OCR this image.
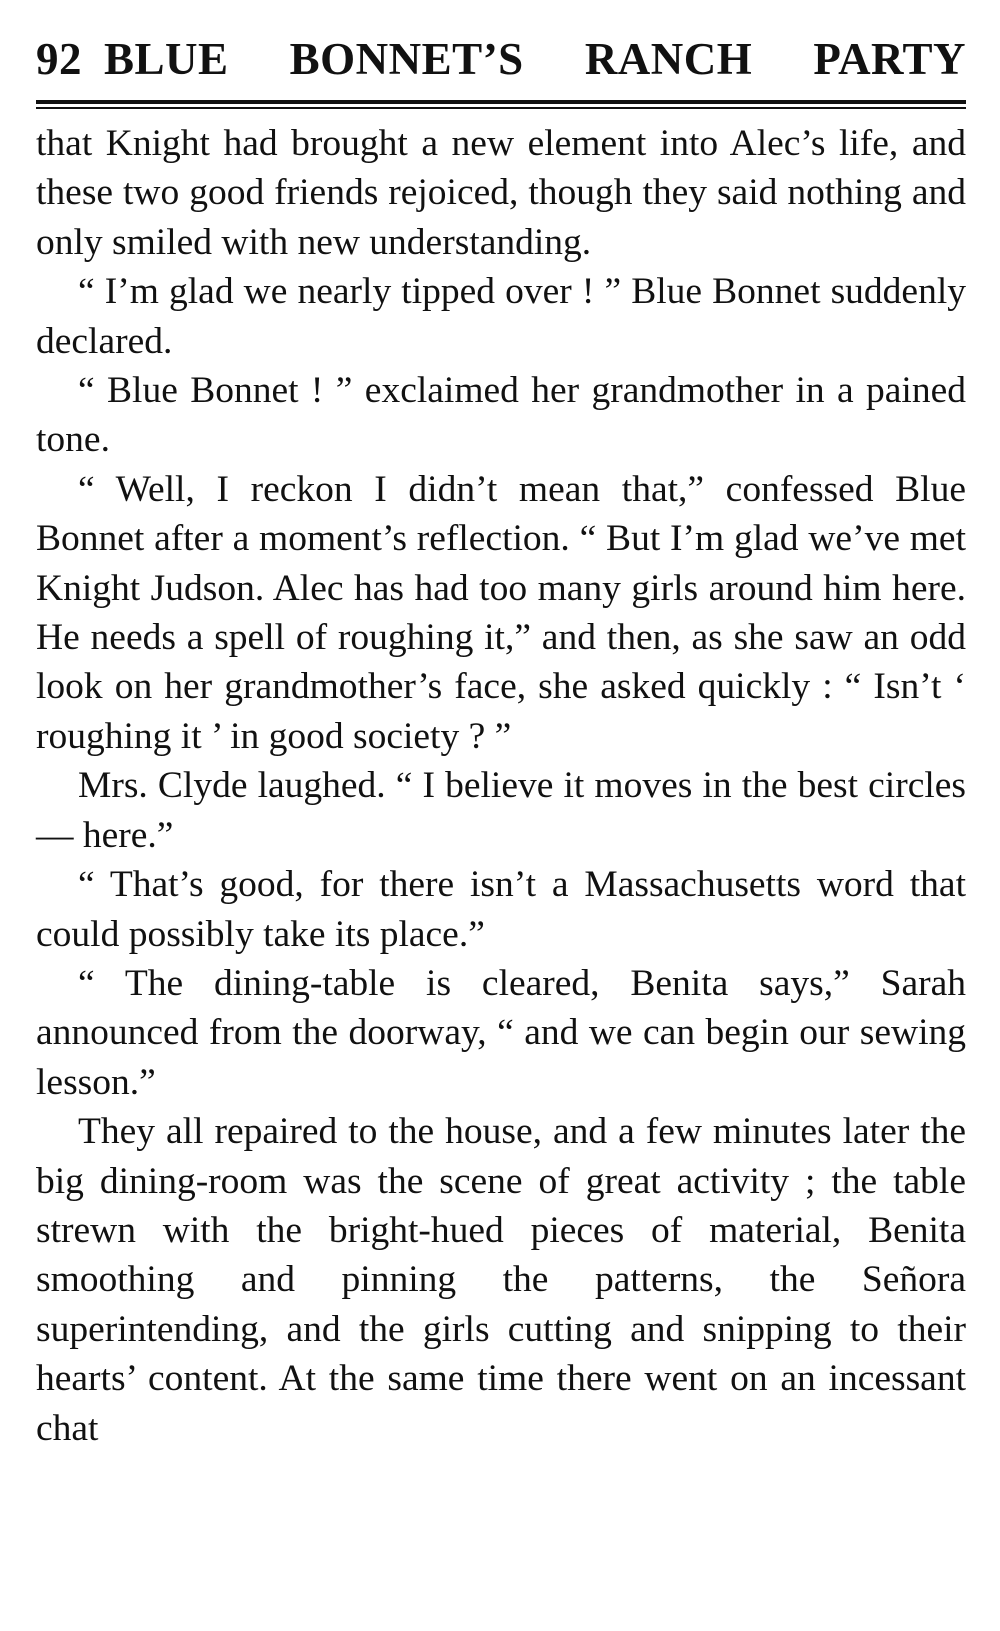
92 BLUE BONNET’S RANCH PARTY

that Knight had brought a new element into Alec’s life, and these two good friends rejoiced, though they said nothing and only smiled with new understanding.

“ I’m glad we nearly tipped over ! ” Blue Bonnet suddenly declared.

“ Blue Bonnet ! ” exclaimed her grandmother in a pained tone.

“ Well, I reckon I didn’t mean that,” confessed Blue Bonnet after a moment’s reflection. “ But I’m glad we’ve met Knight Judson. Alec has had too many girls around him here. He needs a spell of roughing it,” and then, as she saw an odd look on her grandmother’s face, she asked quickly : “ Isn’t ‘ roughing it ’ in good society ? ”

Mrs. Clyde laughed. “ I believe it moves in the best circles — here.”

“ That’s good, for there isn’t a Massachusetts word that could possibly take its place.”

“ The dining-table is cleared, Benita says,” Sarah announced from the doorway, “ and we can begin our sewing lesson.”

They all repaired to the house, and a few minutes later the big dining-room was the scene of great activity ; the table strewn with the bright-hued pieces of material, Benita smoothing and pinning the patterns, the Señora superintending, and the girls cutting and snipping to their hearts’ content. At the same time there went on an incessant chat
